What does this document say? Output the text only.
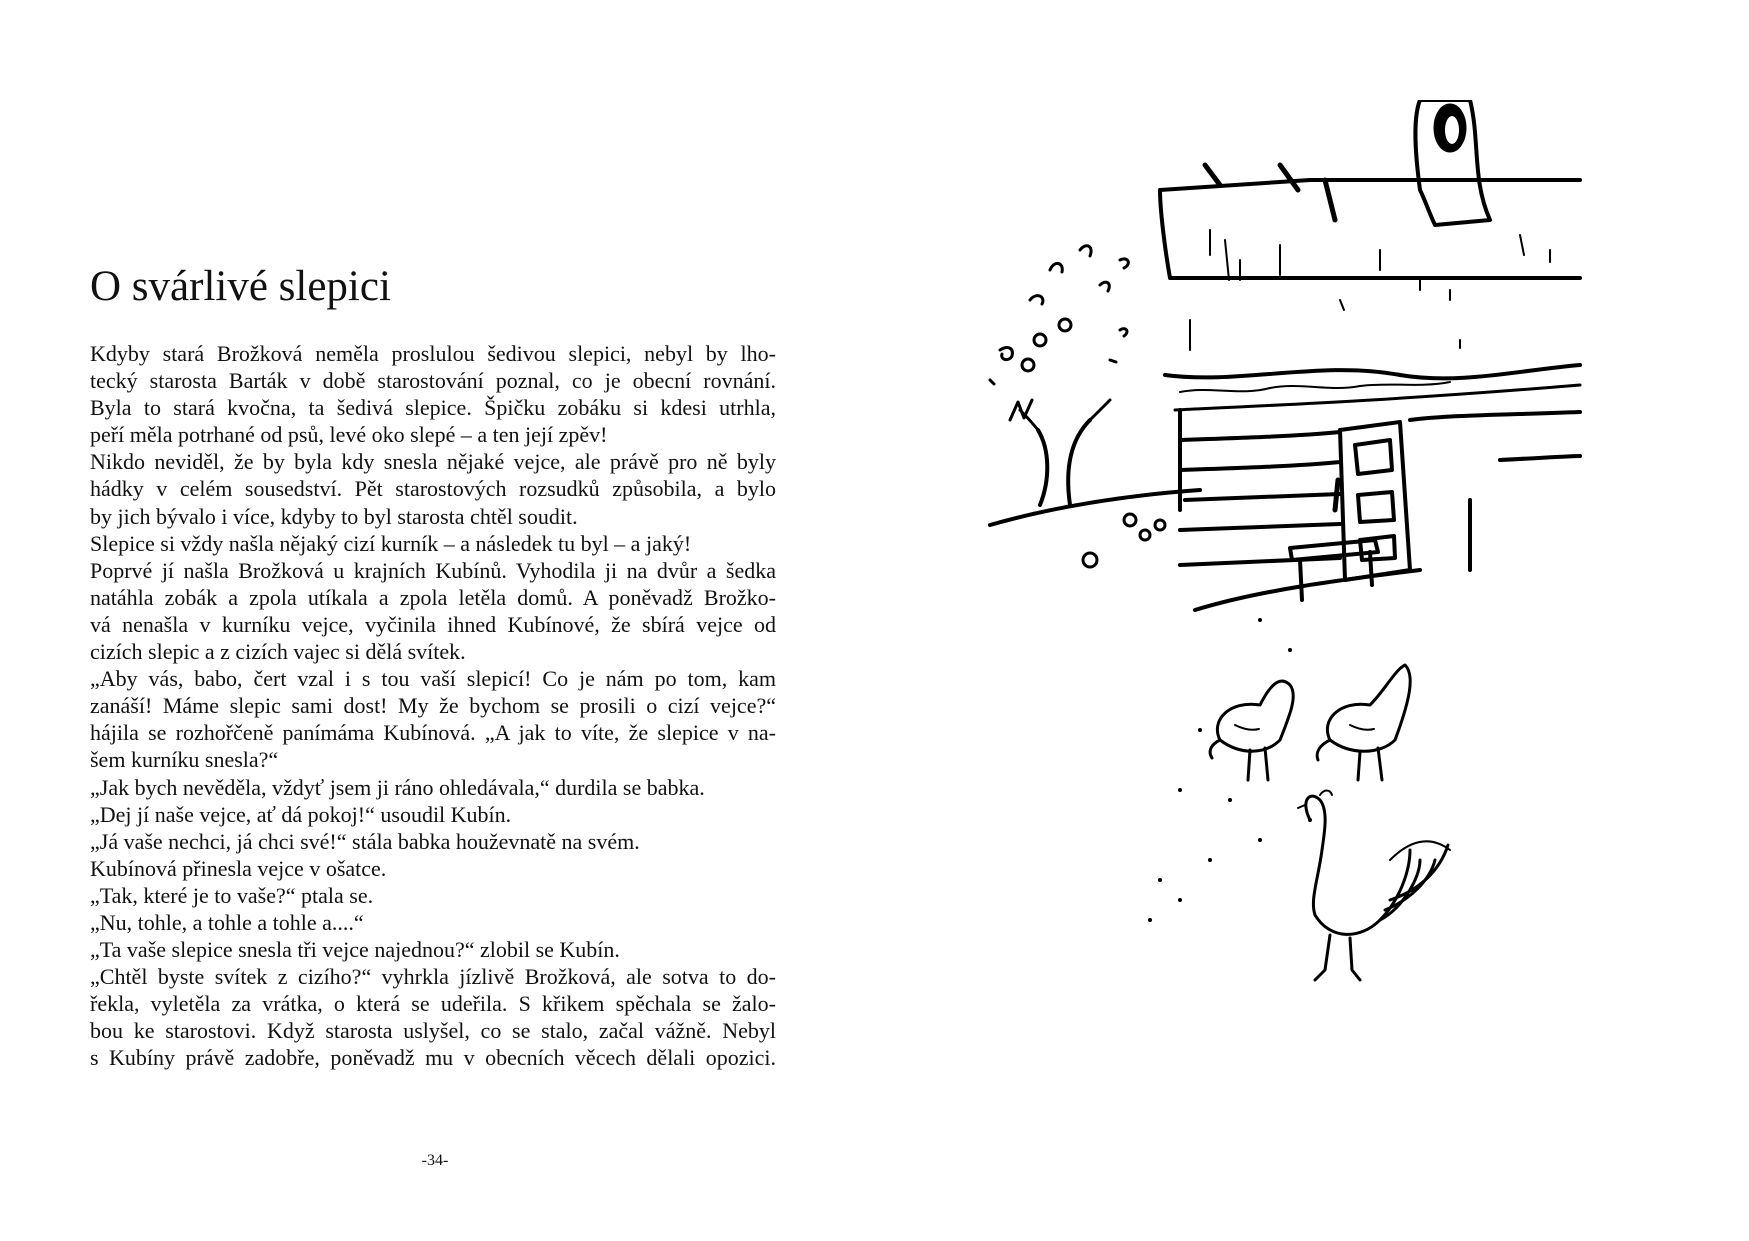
O svárlivé slepici
Kdyby stará Brožková neměla proslulou šedivou slepici, nebyl by lho-
tecký starosta Barták v době starostování poznal, co je obecní rovnání.
Byla to stará kvočna, ta šedivá slepice. Špičku zobáku si kdesi utrhla,
peří měla potrhané od psů, levé oko slepé – a ten její zpěv!
Nikdo neviděl, že by byla kdy snesla nějaké vejce, ale právě pro ně byly
hádky v celém sousedství. Pět starostových rozsudků způsobila, a bylo
by jich bývalo i více, kdyby to byl starosta chtěl soudit.
Slepice si vždy našla nějaký cizí kurník – a následek tu byl – a jaký!
Poprvé jí našla Brožková u krajních Kubínů. Vyhodila ji na dvůr a šedka
natáhla zobák a zpola utíkala a zpola letěla domů. A poněvadž Brožko-
vá nenašla v kurníku vejce, vyčinila ihned Kubínové, že sbírá vejce od
cizích slepic a z cizích vajec si dělá svítek.
„Aby vás, babo, čert vzal i s tou vaší slepicí! Co je nám po tom, kam
zanáší! Máme slepic sami dost! My že bychom se prosili o cizí vejce?“
hájila se rozhořčeně panímáma Kubínová. „A jak to víte, že slepice v na-
šem kurníku snesla?“
„Jak bych nevěděla, vždyť jsem ji ráno ohledávala,“ durdila se babka.
„Dej jí naše vejce, ať dá pokoj!“ usoudil Kubín.
„Já vaše nechci, já chci své!“ stála babka houževnatě na svém.
Kubínová přinesla vejce v ošatce.
„Tak, které je to vaše?“ ptala se.
„Nu, tohle, a tohle a tohle a....“
„Ta vaše slepice snesla tři vejce najednou?“ zlobil se Kubín.
„Chtěl byste svítek z cizího?“ vyhrkla jízlivě Brožková, ale sotva to do-
řekla, vyletěla za vrátka, o která se udeřila. S křikem spěchala se žalo-
bou ke starostovi. Když starosta uslyšel, co se stalo, začal vážně. Nebyl
s Kubíny právě zadobře, poněvadž mu v obecních věcech dělali opozici.
-34-
